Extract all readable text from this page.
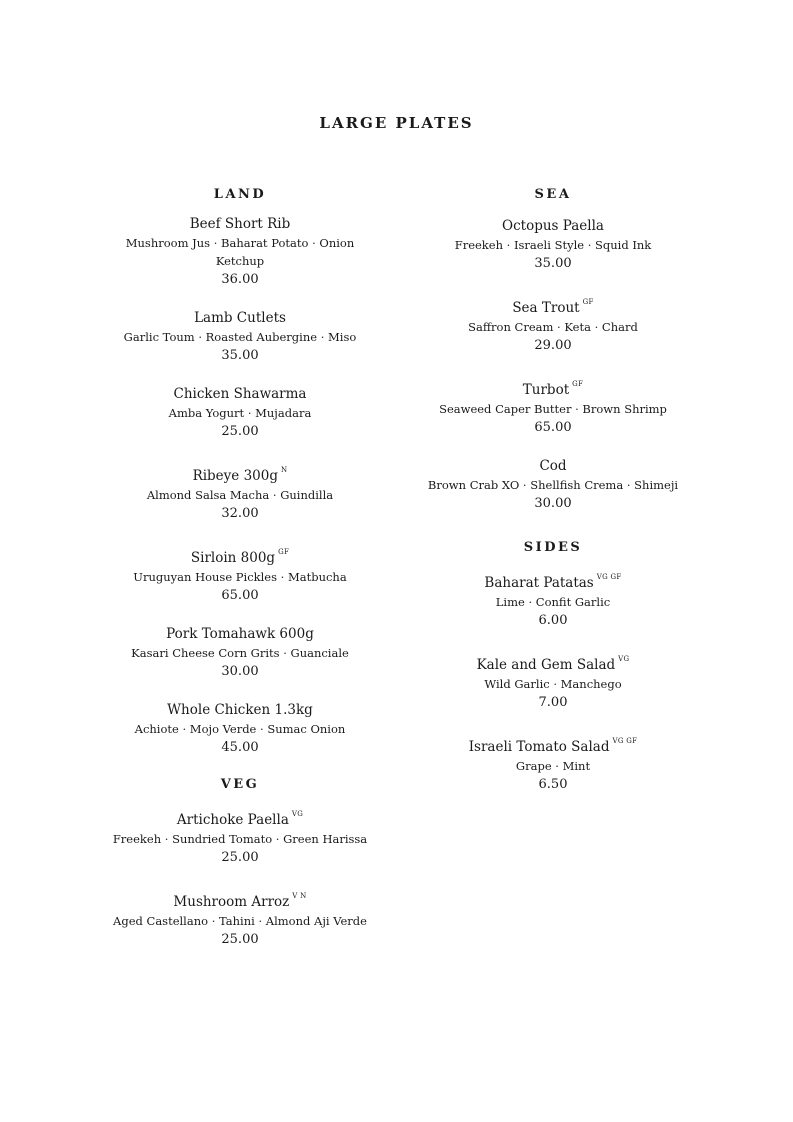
LARGE PLATES
LAND
Beef Short Rib
Mushroom Jus · Baharat Potato · Onion Ketchup
36.00
Lamb Cutlets
Garlic Toum · Roasted Aubergine · Miso
35.00
Chicken Shawarma
Amba Yogurt · Mujadara
25.00
Ribeye 300g $^N$
Almond Salsa Macha · Guindilla
32.00
Sirloin 800g $^{GF}$
Uruguyan House Pickles · Matbucha
65.00
Pork Tomahawk 600g
Kasari Cheese Corn Grits · Guanciale
30.00
Whole Chicken 1.3kg
Achiote · Mojo Verde · Sumac Onion
45.00
VEG
Artichoke Paella $^{VG}$
Freekeh · Sundried Tomato · Green Harissa
25.00
Mushroom Arroz $^{V N}$
Aged Castellano · Tahini · Almond Aji Verde
25.00
SEA
Octopus Paella
Freekeh · Israeli Style · Squid Ink
35.00
Sea Trout $^{GF}$
Saffron Cream · Keta · Chard
29.00
Turbot $^{GF}$
Seaweed Caper Butter · Brown Shrimp
65.00
Cod
Brown Crab XO · Shellfish Crema · Shimeji
30.00
SIDES
Baharat Patatas $^{VG GF}$
Lime · Confit Garlic
6.00
Kale and Gem Salad $^{VG}$
Wild Garlic · Manchego
7.00
Israeli Tomato Salad $^{VG GF}$
Grape · Mint
6.50
